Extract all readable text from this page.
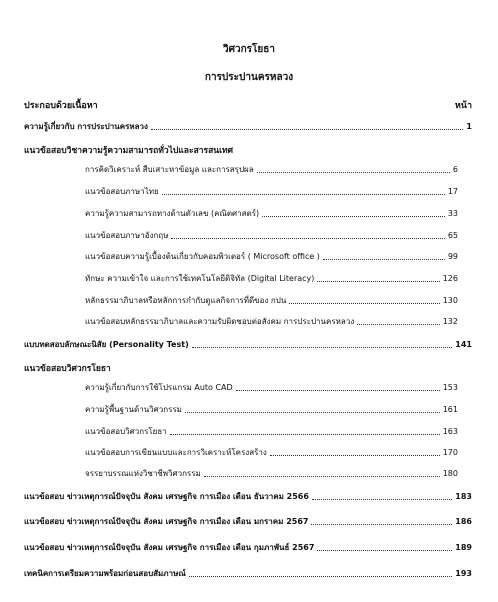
วิศวกรโยธา
การประปานครหลวง
ประกอบด้วยเนื้อหา	หน้า
ความรู้เกี่ยวกับ การประปานครหลวง	1
แนวข้อสอบวิชาความรู้ความสามารถทั่วไปและสารสนเทศ
การคิดวิเคราะห์ สืบเสาะหาข้อมูล และการสรุปผล	6
แนวข้อสอบภาษาไทย	17
ความรู้ความสามารถทางด้านตัวเลข (คณิตศาสตร์)	33
แนวข้อสอบภาษาอังกฤษ	65
แนวข้อสอบความรู้เบื้องต้นเกี่ยวกับคอมพิวเตอร์ ( Microsoft office )	99
ทักษะ ความเข้าใจ และการใช้เทคโนโลยีดิจิทัล (Digital Literacy)	126
หลักธรรมาภิบาลหรือหลักการกำกับดูแลกิจการที่ดีของ กปน	130
แนวข้อสอบหลักธรรมาภิบาลและความรับผิดชอบต่อสังคม การประปานครหลวง	132
แบบทดสอบลักษณะนิสัย (Personality Test)	141
แนวข้อสอบวิศวกรโยธา
ความรู้เกี่ยวกับการใช้โปรแกรม Auto CAD	153
ความรู้พื้นฐานด้านวิศวกรรม	161
แนวข้อสอบวิศวกรโยธา	163
แนวข้อสอบการเขียนแบบและการวิเคราะห์โครงสร้าง	170
จรรยาบรรณแห่งวิชาชีพวิศวกรรม	180
แนวข้อสอบ ข่าวเหตุการณ์ปัจจุบัน สังคม เศรษฐกิจ การเมือง เดือน ธันวาคม 2566	183
แนวข้อสอบ ข่าวเหตุการณ์ปัจจุบัน สังคม เศรษฐกิจ การเมือง เดือน มกราคม 2567	186
แนวข้อสอบ ข่าวเหตุการณ์ปัจจุบัน สังคม เศรษฐกิจ การเมือง เดือน กุมภาพันธ์ 2567	189
เทคนิคการเตรียมความพร้อมก่อนสอบสัมภาษณ์	193
